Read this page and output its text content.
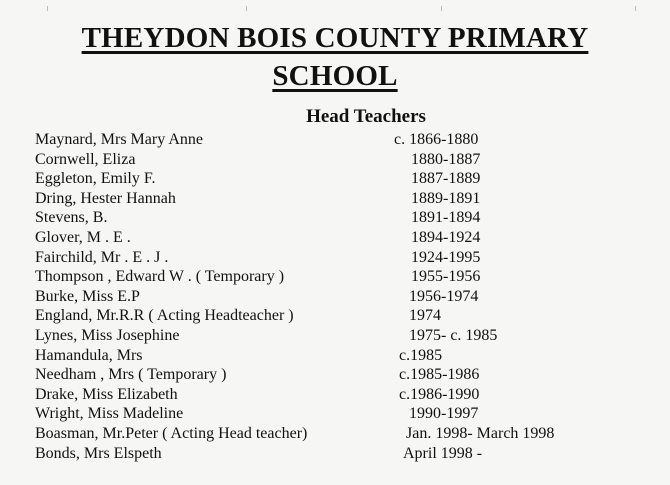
THEYDON BOIS COUNTY PRIMARY
SCHOOL
Head Teachers
Maynard, Mrs Mary Anne	c. 1866-1880
Cornwell, Eliza	1880-1887
Eggleton, Emily F.	1887-1889
Dring, Hester Hannah	1889-1891
Stevens, B.	1891-1894
Glover, M . E .	1894-1924
Fairchild, Mr . E . J .	1924-1995
Thompson , Edward W . ( Temporary )	1955-1956
Burke, Miss E.P	1956-1974
England, Mr.R.R ( Acting Headteacher )	1974
Lynes, Miss Josephine	1975- c. 1985
Hamandula, Mrs	c.1985
Needham , Mrs ( Temporary )	c.1985-1986
Drake, Miss Elizabeth	c.1986-1990
Wright, Miss Madeline	1990-1997
Boasman, Mr.Peter ( Acting Head teacher)	Jan. 1998- March 1998
Bonds, Mrs Elspeth	April 1998 -
